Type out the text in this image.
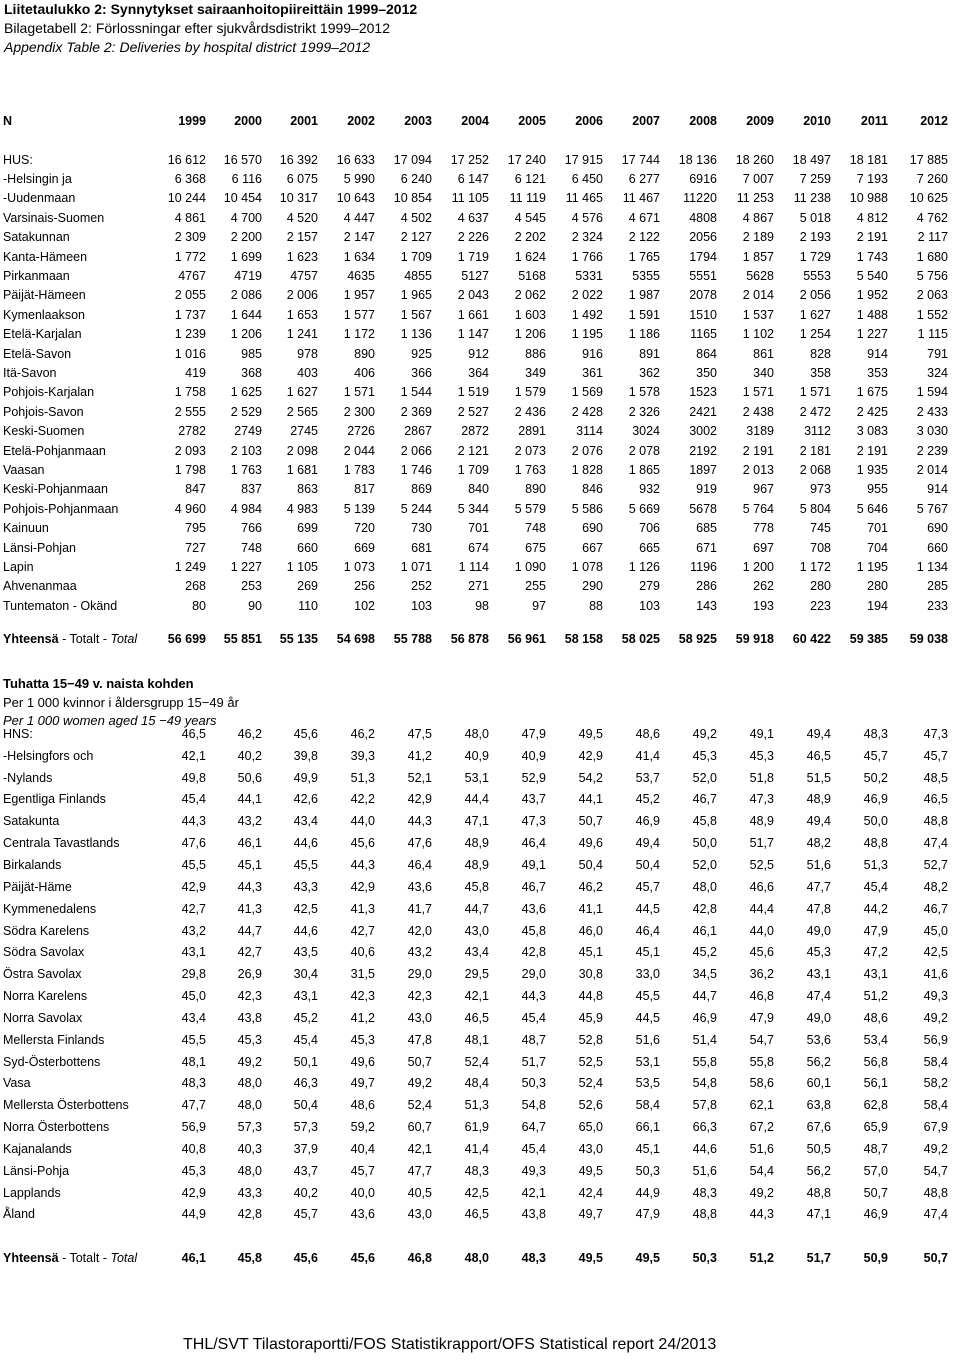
Liitetaulukko 2: Synnytykset sairaanhoitopiireittäin 1999–2012
Bilagetabell 2: Förlossningar efter sjukvårdsdistrikt 1999–2012
Appendix Table 2: Deliveries by hospital district 1999–2012
N	1999	2000	2001	2002	2003	2004	2005	2006	2007	2008	2009	2010	2011	2012

HUS:	16 612	16 570	16 392	16 633	17 094	17 252	17 240	17 915	17 744	18 136	18 260	18 497	18 181	17 885
-Helsingin ja	6 368	6 116	6 075	5 990	6 240	6 147	6 121	6 450	6 277	6916	7 007	7 259	7 193	7 260
-Uudenmaan	10 244	10 454	10 317	10 643	10 854	11 105	11 119	11 465	11 467	11220	11 253	11 238	10 988	10 625
Varsinais-Suomen	4 861	4 700	4 520	4 447	4 502	4 637	4 545	4 576	4 671	4808	4 867	5 018	4 812	4 762
Satakunnan	2 309	2 200	2 157	2 147	2 127	2 226	2 202	2 324	2 122	2056	2 189	2 193	2 191	2 117
Kanta-Hämeen	1 772	1 699	1 623	1 634	1 709	1 719	1 624	1 766	1 765	1794	1 857	1 729	1 743	1 680
Pirkanmaan	4767	4719	4757	4635	4855	5127	5168	5331	5355	5551	5628	5553	5 540	5 756
Päijät-Hämeen	2 055	2 086	2 006	1 957	1 965	2 043	2 062	2 022	1 987	2078	2 014	2 056	1 952	2 063
Kymenlaakson	1 737	1 644	1 653	1 577	1 567	1 661	1 603	1 492	1 591	1510	1 537	1 627	1 488	1 552
Etelä-Karjalan	1 239	1 206	1 241	1 172	1 136	1 147	1 206	1 195	1 186	1165	1 102	1 254	1 227	1 115
Etelä-Savon	1 016	985	978	890	925	912	886	916	891	864	861	828	914	791
Itä-Savon	419	368	403	406	366	364	349	361	362	350	340	358	353	324
Pohjois-Karjalan	1 758	1 625	1 627	1 571	1 544	1 519	1 579	1 569	1 578	1523	1 571	1 571	1 675	1 594
Pohjois-Savon	2 555	2 529	2 565	2 300	2 369	2 527	2 436	2 428	2 326	2421	2 438	2 472	2 425	2 433
Keski-Suomen	2782	2749	2745	2726	2867	2872	2891	3114	3024	3002	3189	3112	3 083	3 030
Etelä-Pohjanmaan	2 093	2 103	2 098	2 044	2 066	2 121	2 073	2 076	2 078	2192	2 191	2 181	2 191	2 239
Vaasan	1 798	1 763	1 681	1 783	1 746	1 709	1 763	1 828	1 865	1897	2 013	2 068	1 935	2 014
Keski-Pohjanmaan	847	837	863	817	869	840	890	846	932	919	967	973	955	914
Pohjois-Pohjanmaan	4 960	4 984	4 983	5 139	5 244	5 344	5 579	5 586	5 669	5678	5 764	5 804	5 646	5 767
Kainuun	795	766	699	720	730	701	748	690	706	685	778	745	701	690
Länsi-Pohjan	727	748	660	669	681	674	675	667	665	671	697	708	704	660
Lapin	1 249	1 227	1 105	1 073	1 071	1 114	1 090	1 078	1 126	1196	1 200	1 172	1 195	1 134
Ahvenanmaa	268	253	269	256	252	271	255	290	279	286	262	280	280	285
Tuntematon - Okänd	80	90	110	102	103	98	97	88	103	143	193	223	194	233

Yhteensä - Totalt - Total	56 699	55 851	55 135	54 698	55 788	56 878	56 961	58 158	58 025	58 925	59 918	60 422	59 385	59 038
Tuhatta 15−49 v. naista kohden
Per 1 000 kvinnor i åldersgrupp 15−49 år
Per 1 000 women aged 15 −49 years
HNS:	46,5	46,2	45,6	46,2	47,5	48,0	47,9	49,5	48,6	49,2	49,1	49,4	48,3	47,3
-Helsingfors och	42,1	40,2	39,8	39,3	41,2	40,9	40,9	42,9	41,4	45,3	45,3	46,5	45,7	45,7
-Nylands	49,8	50,6	49,9	51,3	52,1	53,1	52,9	54,2	53,7	52,0	51,8	51,5	50,2	48,5
Egentliga Finlands	45,4	44,1	42,6	42,2	42,9	44,4	43,7	44,1	45,2	46,7	47,3	48,9	46,9	46,5
Satakunta	44,3	43,2	43,4	44,0	44,3	47,1	47,3	50,7	46,9	45,8	48,9	49,4	50,0	48,8
Centrala Tavastlands	47,6	46,1	44,6	45,6	47,6	48,9	46,4	49,6	49,4	50,0	51,7	48,2	48,8	47,4
Birkalands	45,5	45,1	45,5	44,3	46,4	48,9	49,1	50,4	50,4	52,0	52,5	51,6	51,3	52,7
Päijät-Häme	42,9	44,3	43,3	42,9	43,6	45,8	46,7	46,2	45,7	48,0	46,6	47,7	45,4	48,2
Kymmenedalens	42,7	41,3	42,5	41,3	41,7	44,7	43,6	41,1	44,5	42,8	44,4	47,8	44,2	46,7
Södra Karelens	43,2	44,7	44,6	42,7	42,0	43,0	45,8	46,0	46,4	46,1	44,0	49,0	47,9	45,0
Södra Savolax	43,1	42,7	43,5	40,6	43,2	43,4	42,8	45,1	45,1	45,2	45,6	45,3	47,2	42,5
Östra Savolax	29,8	26,9	30,4	31,5	29,0	29,5	29,0	30,8	33,0	34,5	36,2	43,1	43,1	41,6
Norra Karelens	45,0	42,3	43,1	42,3	42,3	42,1	44,3	44,8	45,5	44,7	46,8	47,4	51,2	49,3
Norra Savolax	43,4	43,8	45,2	41,2	43,0	46,5	45,4	45,9	44,5	46,9	47,9	49,0	48,6	49,2
Mellersta Finlands	45,5	45,3	45,4	45,3	47,8	48,1	48,7	52,8	51,6	51,4	54,7	53,6	53,4	56,9
Syd-Österbottens	48,1	49,2	50,1	49,6	50,7	52,4	51,7	52,5	53,1	55,8	55,8	56,2	56,8	58,4
Vasa	48,3	48,0	46,3	49,7	49,2	48,4	50,3	52,4	53,5	54,8	58,6	60,1	56,1	58,2
Mellersta Österbottens	47,7	48,0	50,4	48,6	52,4	51,3	54,8	52,6	58,4	57,8	62,1	63,8	62,8	58,4
Norra Österbottens	56,9	57,3	57,3	59,2	60,7	61,9	64,7	65,0	66,1	66,3	67,2	67,6	65,9	67,9
Kajanalands	40,8	40,3	37,9	40,4	42,1	41,4	45,4	43,0	45,1	44,6	51,6	50,5	48,7	49,2
Länsi-Pohja	45,3	48,0	43,7	45,7	47,7	48,3	49,3	49,5	50,3	51,6	54,4	56,2	57,0	54,7
Lapplands	42,9	43,3	40,2	40,0	40,5	42,5	42,1	42,4	44,9	48,3	49,2	48,8	50,7	48,8
Åland	44,9	42,8	45,7	43,6	43,0	46,5	43,8	49,7	47,9	48,8	44,3	47,1	46,9	47,4

Yhteensä - Totalt - Total	46,1	45,8	45,6	45,6	46,8	48,0	48,3	49,5	49,5	50,3	51,2	51,7	50,9	50,7
THL/SVT Tilastoraportti/FOS Statistikrapport/OFS Statistical report 24/2013
